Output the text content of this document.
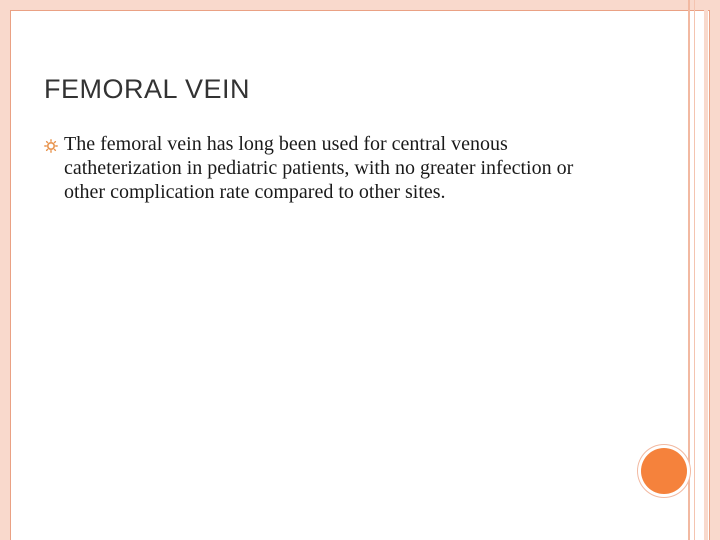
FEMORAL VEIN
The femoral vein has long been used for central venous catheterization in pediatric patients, with no greater infection or other complication rate compared to other sites.
